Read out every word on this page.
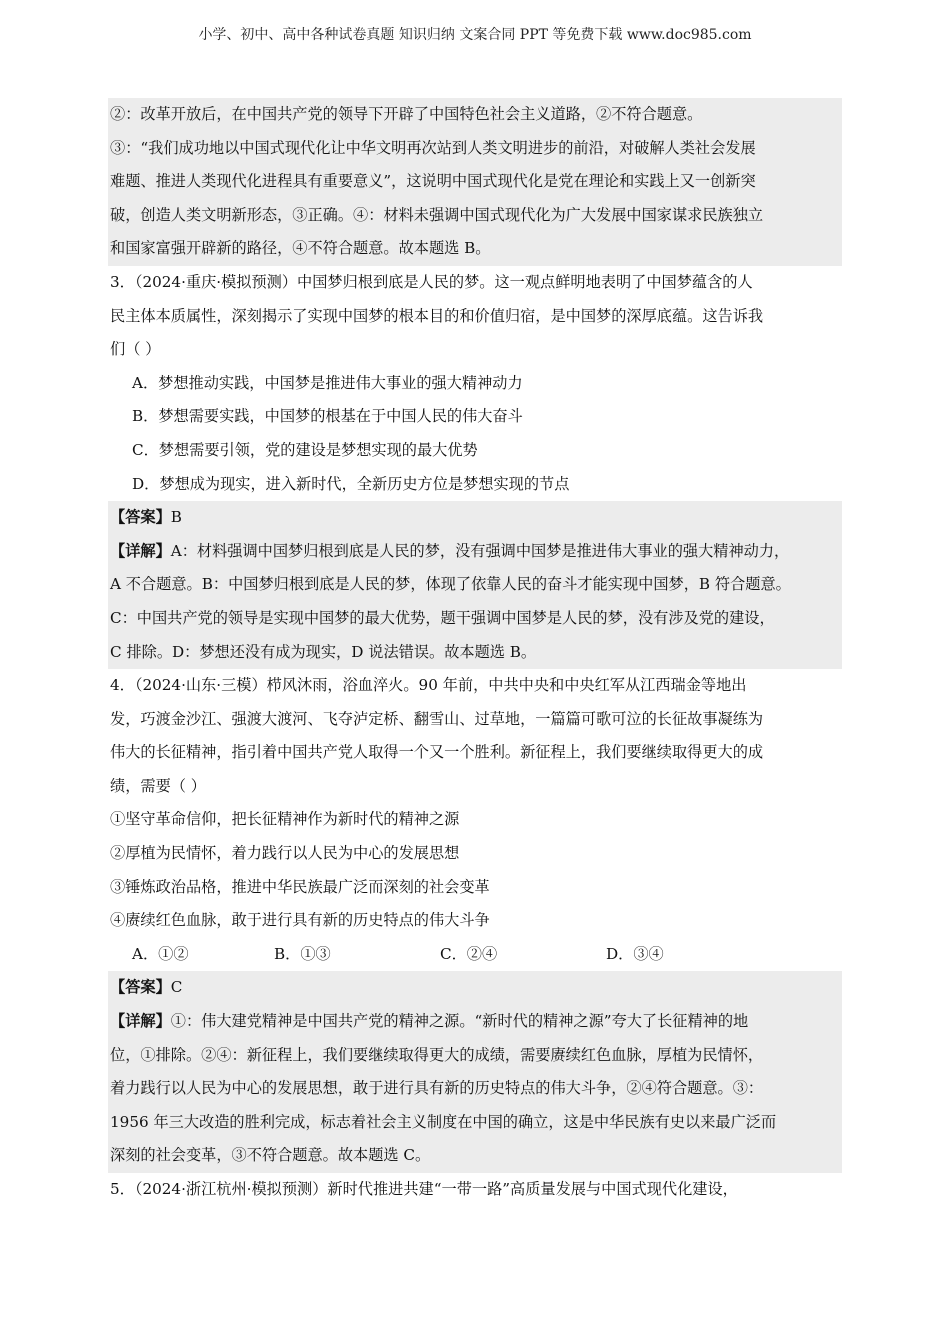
小学、初中、高中各种试卷真题 知识归纳 文案合同 PPT 等免费下载 www.doc985.com
②：改革开放后，在中国共产党的领导下开辟了中国特色社会主义道路，②不符合题意。
③：“我们成功地以中国式现代化让中华文明再次站到人类文明进步的前沿，对破解人类社会发展
难题、推进人类现代化进程具有重要意义”，这说明中国式现代化是党在理论和实践上又一创新突
破，创造人类文明新形态，③正确。④：材料未强调中国式现代化为广大发展中国家谋求民族独立
和国家富强开辟新的路径，④不符合题意。故本题选 B。
3．（2024·重庆·模拟预测）中国梦归根到底是人民的梦。这一观点鲜明地表明了中国梦蕴含的人
民主体本质属性，深刻揭示了实现中国梦的根本目的和价值归宿，是中国梦的深厚底蕴。这告诉我
们（ ）
A．梦想推动实践，中国梦是推进伟大事业的强大精神动力
B．梦想需要实践，中国梦的根基在于中国人民的伟大奋斗
C．梦想需要引领，党的建设是梦想实现的最大优势
D．梦想成为现实，进入新时代，全新历史方位是梦想实现的节点
【答案】B
【详解】A：材料强调中国梦归根到底是人民的梦，没有强调中国梦是推进伟大事业的强大精神动力，
A 不合题意。B：中国梦归根到底是人民的梦，体现了依靠人民的奋斗才能实现中国梦，B 符合题意。
C：中国共产党的领导是实现中国梦的最大优势，题干强调中国梦是人民的梦，没有涉及党的建设，
C 排除。D：梦想还没有成为现实，D 说法错误。故本题选 B。
4．（2024·山东·三模）栉风沐雨，浴血淬火。90 年前，中共中央和中央红军从江西瑞金等地出
发，巧渡金沙江、强渡大渡河、飞夺泸定桥、翻雪山、过草地，一篇篇可歌可泣的长征故事凝练为
伟大的长征精神，指引着中国共产党人取得一个又一个胜利。新征程上，我们要继续取得更大的成
绩，需要（ ）
①坚守革命信仰，把长征精神作为新时代的精神之源
②厚植为民情怀，着力践行以人民为中心的发展思想
③锤炼政治品格，推进中华民族最广泛而深刻的社会变革
④赓续红色血脉，敢于进行具有新的历史特点的伟大斗争
A．①②	B．①③	C．②④	D．③④
【答案】C
【详解】①：伟大建党精神是中国共产党的精神之源。“新时代的精神之源”夸大了长征精神的地
位，①排除。②④：新征程上，我们要继续取得更大的成绩，需要赓续红色血脉，厚植为民情怀，
着力践行以人民为中心的发展思想，敢于进行具有新的历史特点的伟大斗争，②④符合题意。③：
1956 年三大改造的胜利完成，标志着社会主义制度在中国的确立，这是中华民族有史以来最广泛而
深刻的社会变革，③不符合题意。故本题选 C。
5．（2024·浙江杭州·模拟预测）新时代推进共建“一带一路”高质量发展与中国式现代化建设，
